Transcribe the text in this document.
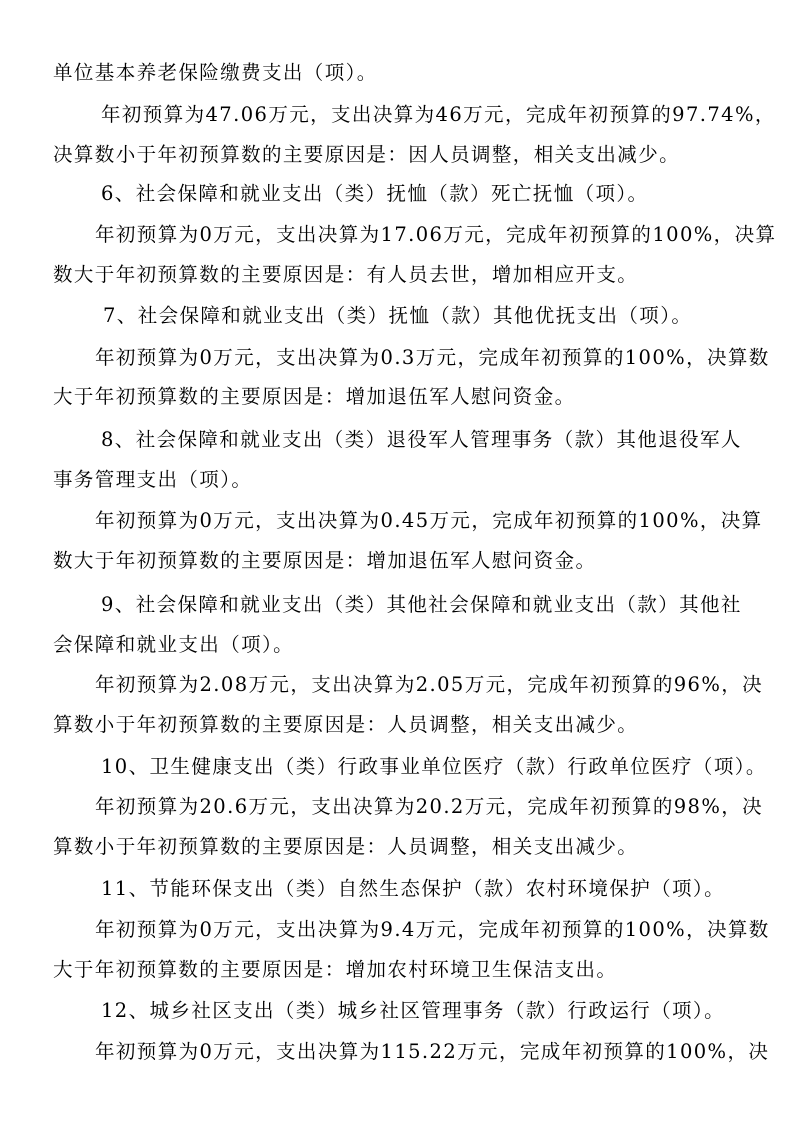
单位基本养老保险缴费支出（项）。
年初预算为47.06万元，支出决算为46万元，完成年初预算的97.74%，
决算数小于年初预算数的主要原因是：因人员调整，相关支出减少。
6、社会保障和就业支出（类）抚恤（款）死亡抚恤（项）。
年初预算为0万元，支出决算为17.06万元，完成年初预算的100%，决算
数大于年初预算数的主要原因是：有人员去世，增加相应开支。
7、社会保障和就业支出（类）抚恤（款）其他优抚支出（项）。
年初预算为0万元，支出决算为0.3万元，完成年初预算的100%，决算数
大于年初预算数的主要原因是：增加退伍军人慰问资金。
8、社会保障和就业支出（类）退役军人管理事务（款）其他退役军人
事务管理支出（项）。
年初预算为0万元，支出决算为0.45万元，完成年初预算的100%，决算
数大于年初预算数的主要原因是：增加退伍军人慰问资金。
9、社会保障和就业支出（类）其他社会保障和就业支出（款）其他社
会保障和就业支出（项）。
年初预算为2.08万元，支出决算为2.05万元，完成年初预算的96%，决
算数小于年初预算数的主要原因是：人员调整，相关支出减少。
10、卫生健康支出（类）行政事业单位医疗（款）行政单位医疗（项）。
年初预算为20.6万元，支出决算为20.2万元，完成年初预算的98%，决
算数小于年初预算数的主要原因是：人员调整，相关支出减少。
11、节能环保支出（类）自然生态保护（款）农村环境保护（项）。
年初预算为0万元，支出决算为9.4万元，完成年初预算的100%，决算数
大于年初预算数的主要原因是：增加农村环境卫生保洁支出。
12、城乡社区支出（类）城乡社区管理事务（款）行政运行（项）。
年初预算为0万元，支出决算为115.22万元，完成年初预算的100%，决
